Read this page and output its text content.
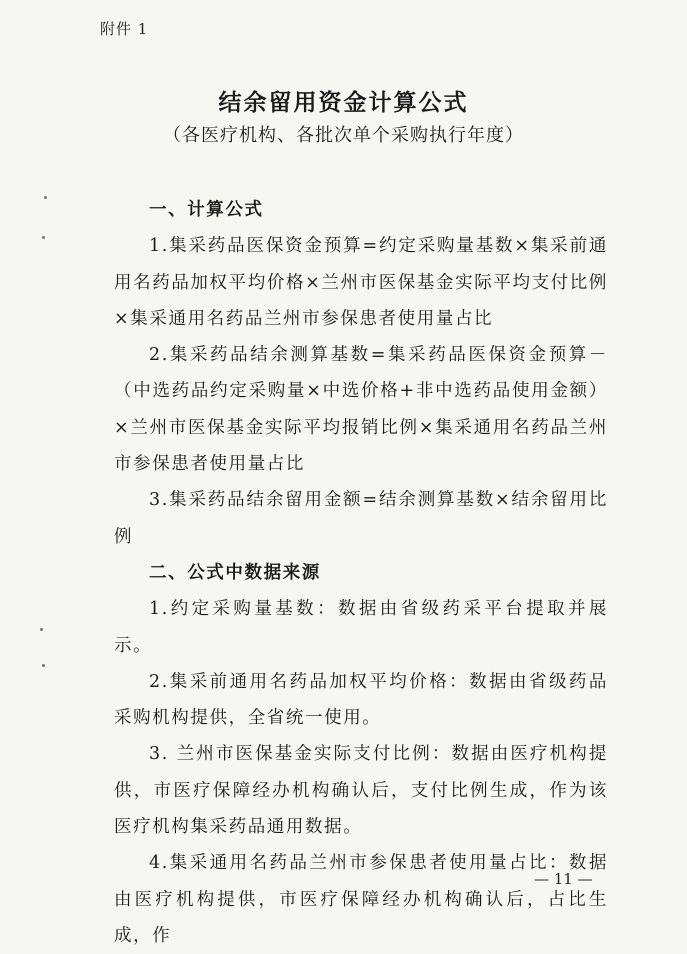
附件 1
结余留用资金计算公式
（各医疗机构、各批次单个采购执行年度）
一、计算公式

1.集采药品医保资金预算=约定采购量基数×集采前通用名药品加权平均价格×兰州市医保基金实际平均支付比例×集采通用名药品兰州市参保患者使用量占比

2.集采药品结余测算基数=集采药品医保资金预算－（中选药品约定采购量×中选价格+非中选药品使用金额）×兰州市医保基金实际平均报销比例×集采通用名药品兰州市参保患者使用量占比

3.集采药品结余留用金额=结余测算基数×结余留用比例

二、公式中数据来源

1.约定采购量基数：数据由省级药采平台提取并展示。

2.集采前通用名药品加权平均价格：数据由省级药品采购机构提供，全省统一使用。

3. 兰州市医保基金实际支付比例：数据由医疗机构提供，市医疗保障经办机构确认后，支付比例生成，作为该医疗机构集采药品通用数据。

4.集采通用名药品兰州市参保患者使用量占比：数据由医疗机构提供，市医疗保障经办机构确认后，占比生成，作

— 11 —
